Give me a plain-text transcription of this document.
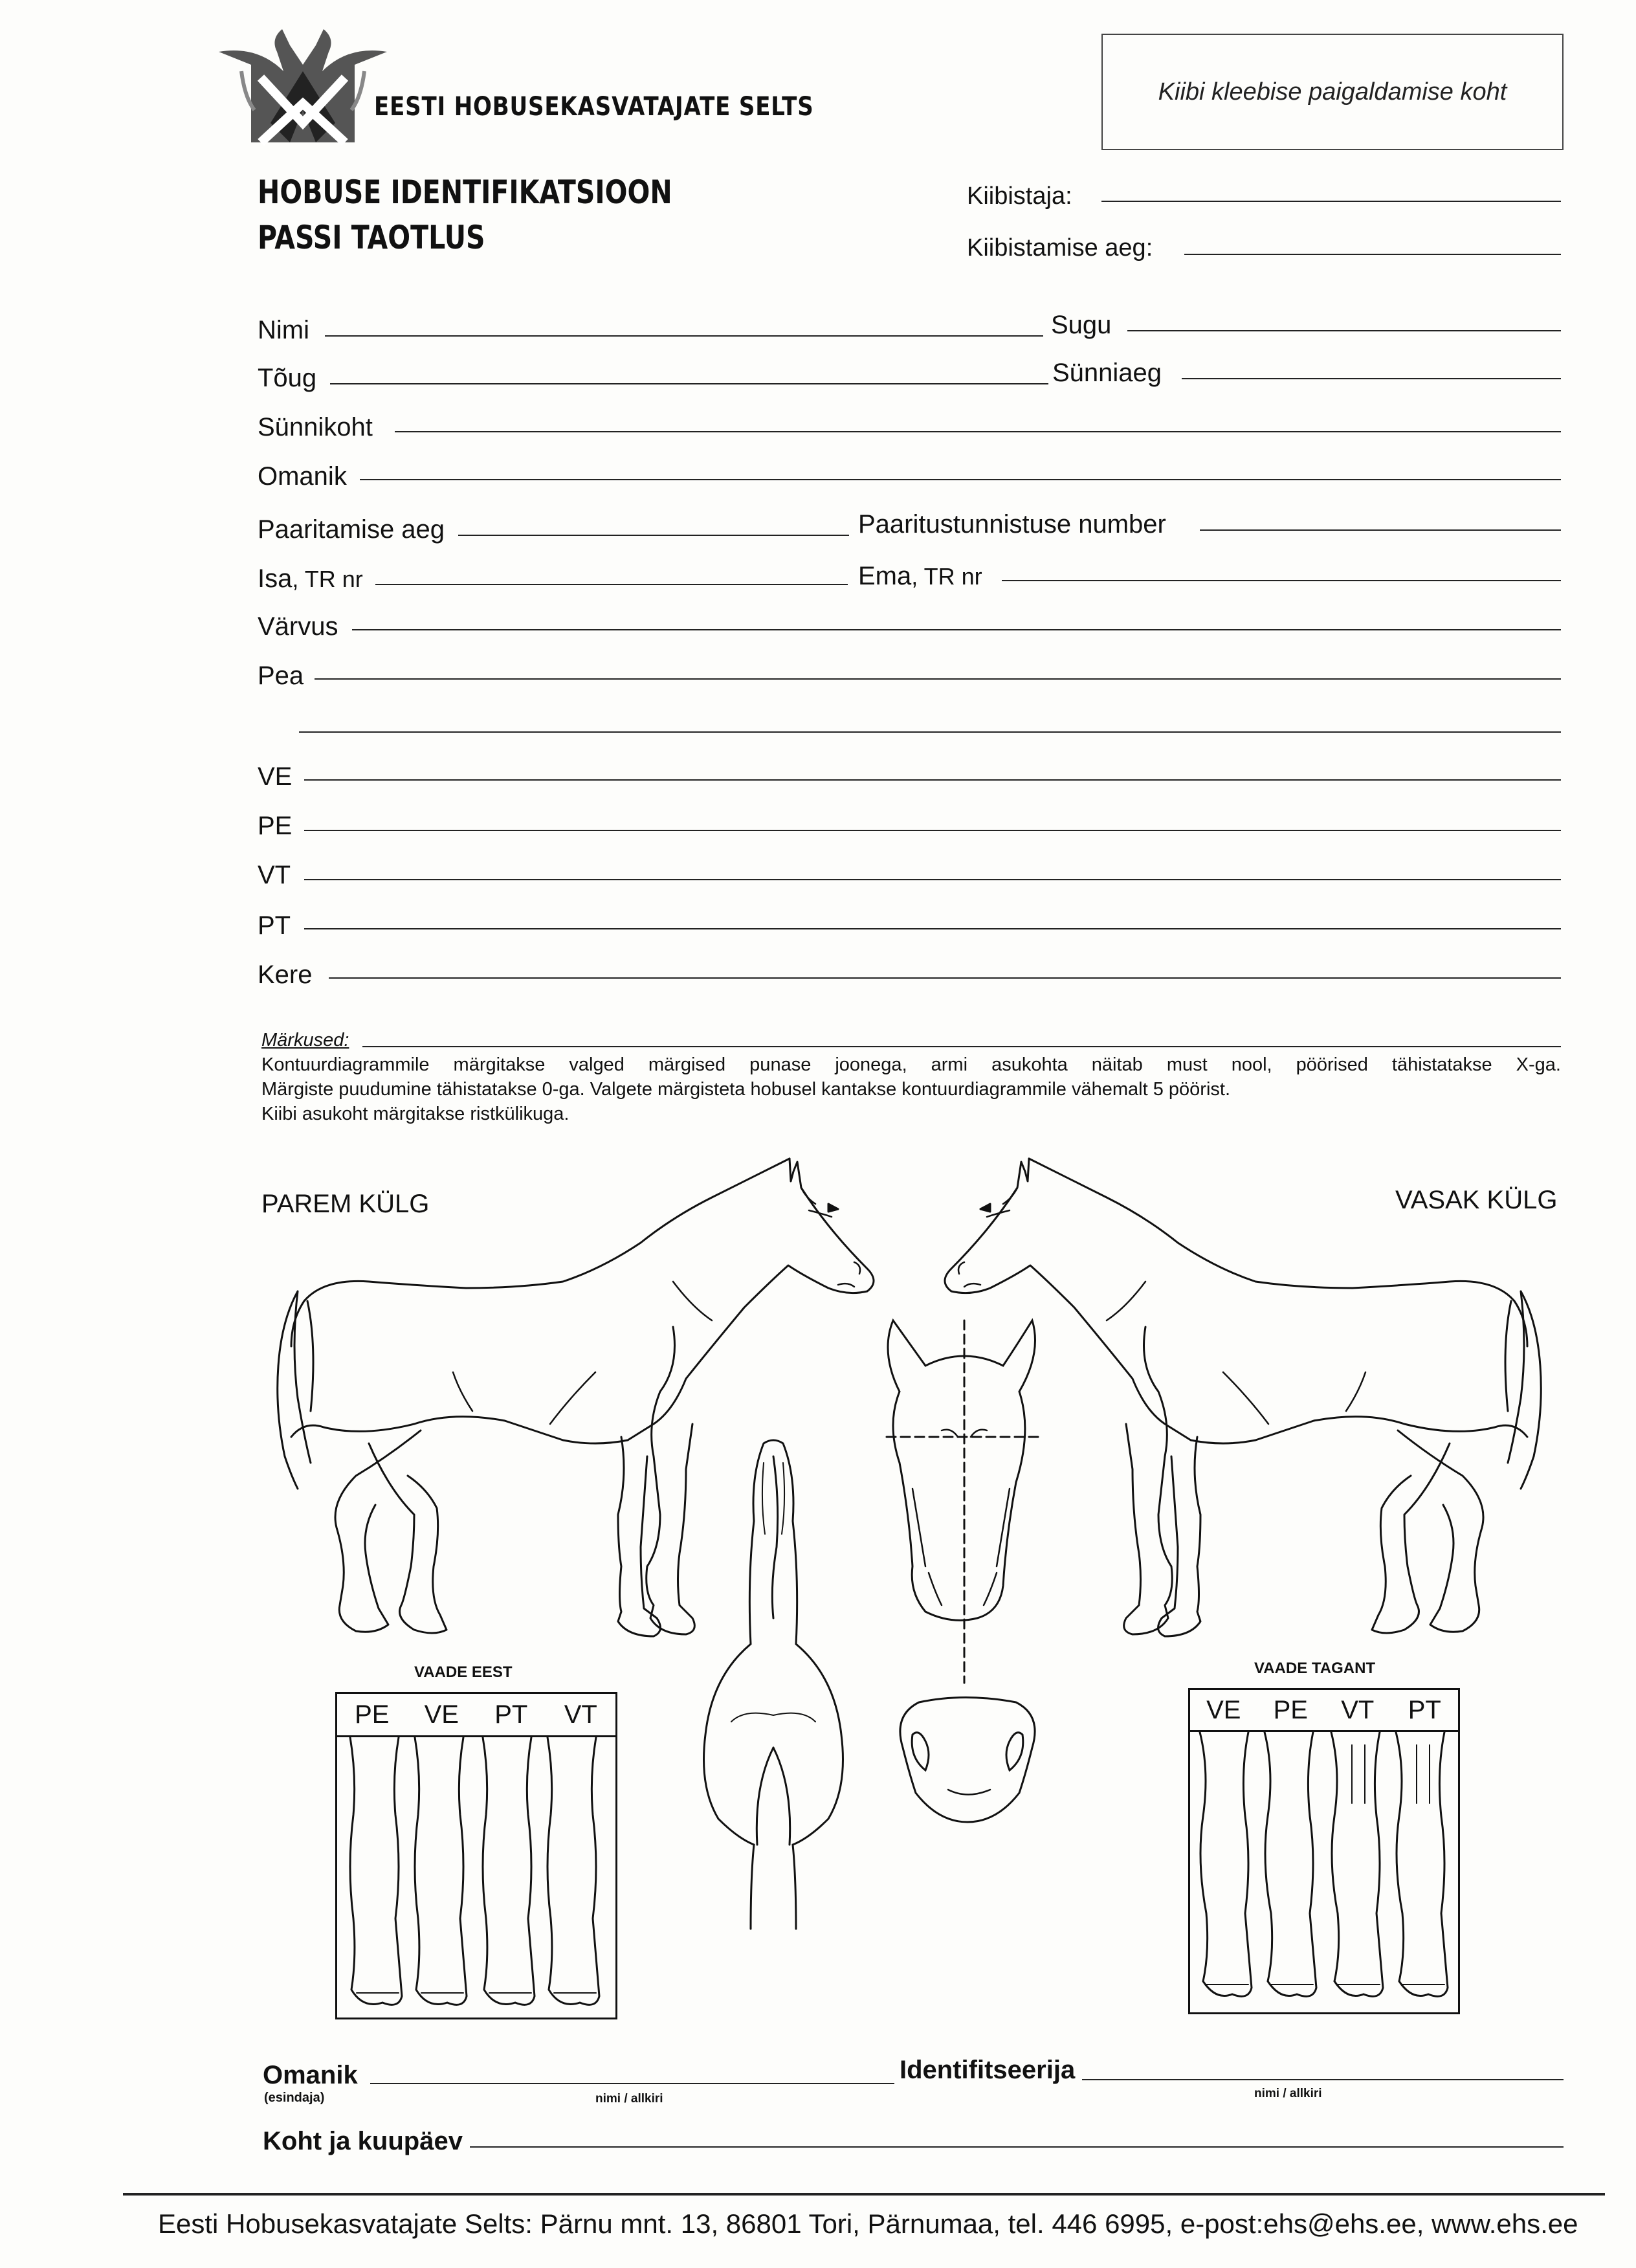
EESTI HOBUSEKASVATAJATE SELTS
HOBUSE IDENTIFIKATSIOON
PASSI TAOTLUS
Kiibi kleebise paigaldamise koht
Kiibistaja:
Kiibistamise aeg:
Nimi	Sugu
Tõug	Sünniaeg
Sünnikoht
Omanik
Paaritamise aeg	Paaritustunnistuse number
Isa, TR nr	Ema, TR nr
Värvus
Pea
VE
PE
VT
PT
Kere
Märkused:
Kontuurdiagrammile märgitakse valged märgised punase joonega, armi asukohta näitab must nool, pöörised tähistatakse X-ga.
Märgiste puudumine tähistatakse 0-ga. Valgete märgisteta hobusel kantakse kontuurdiagrammile vähemalt 5 pöörist.
Kiibi asukoht märgitakse ristkülikuga.
PAREM KÜLG	VASAK KÜLG
VAADE EEST
PE	VE	PT	VT
VAADE TAGANT
VE	PE	VT	PT
Omanik
(esindaja)	nimi / allkiri
Identifitseerija
nimi / allkiri
Koht ja kuupäev
Eesti Hobusekasvatajate Selts: Pärnu mnt. 13, 86801 Tori, Pärnumaa, tel. 446 6995, e-post:ehs@ehs.ee, www.ehs.ee
